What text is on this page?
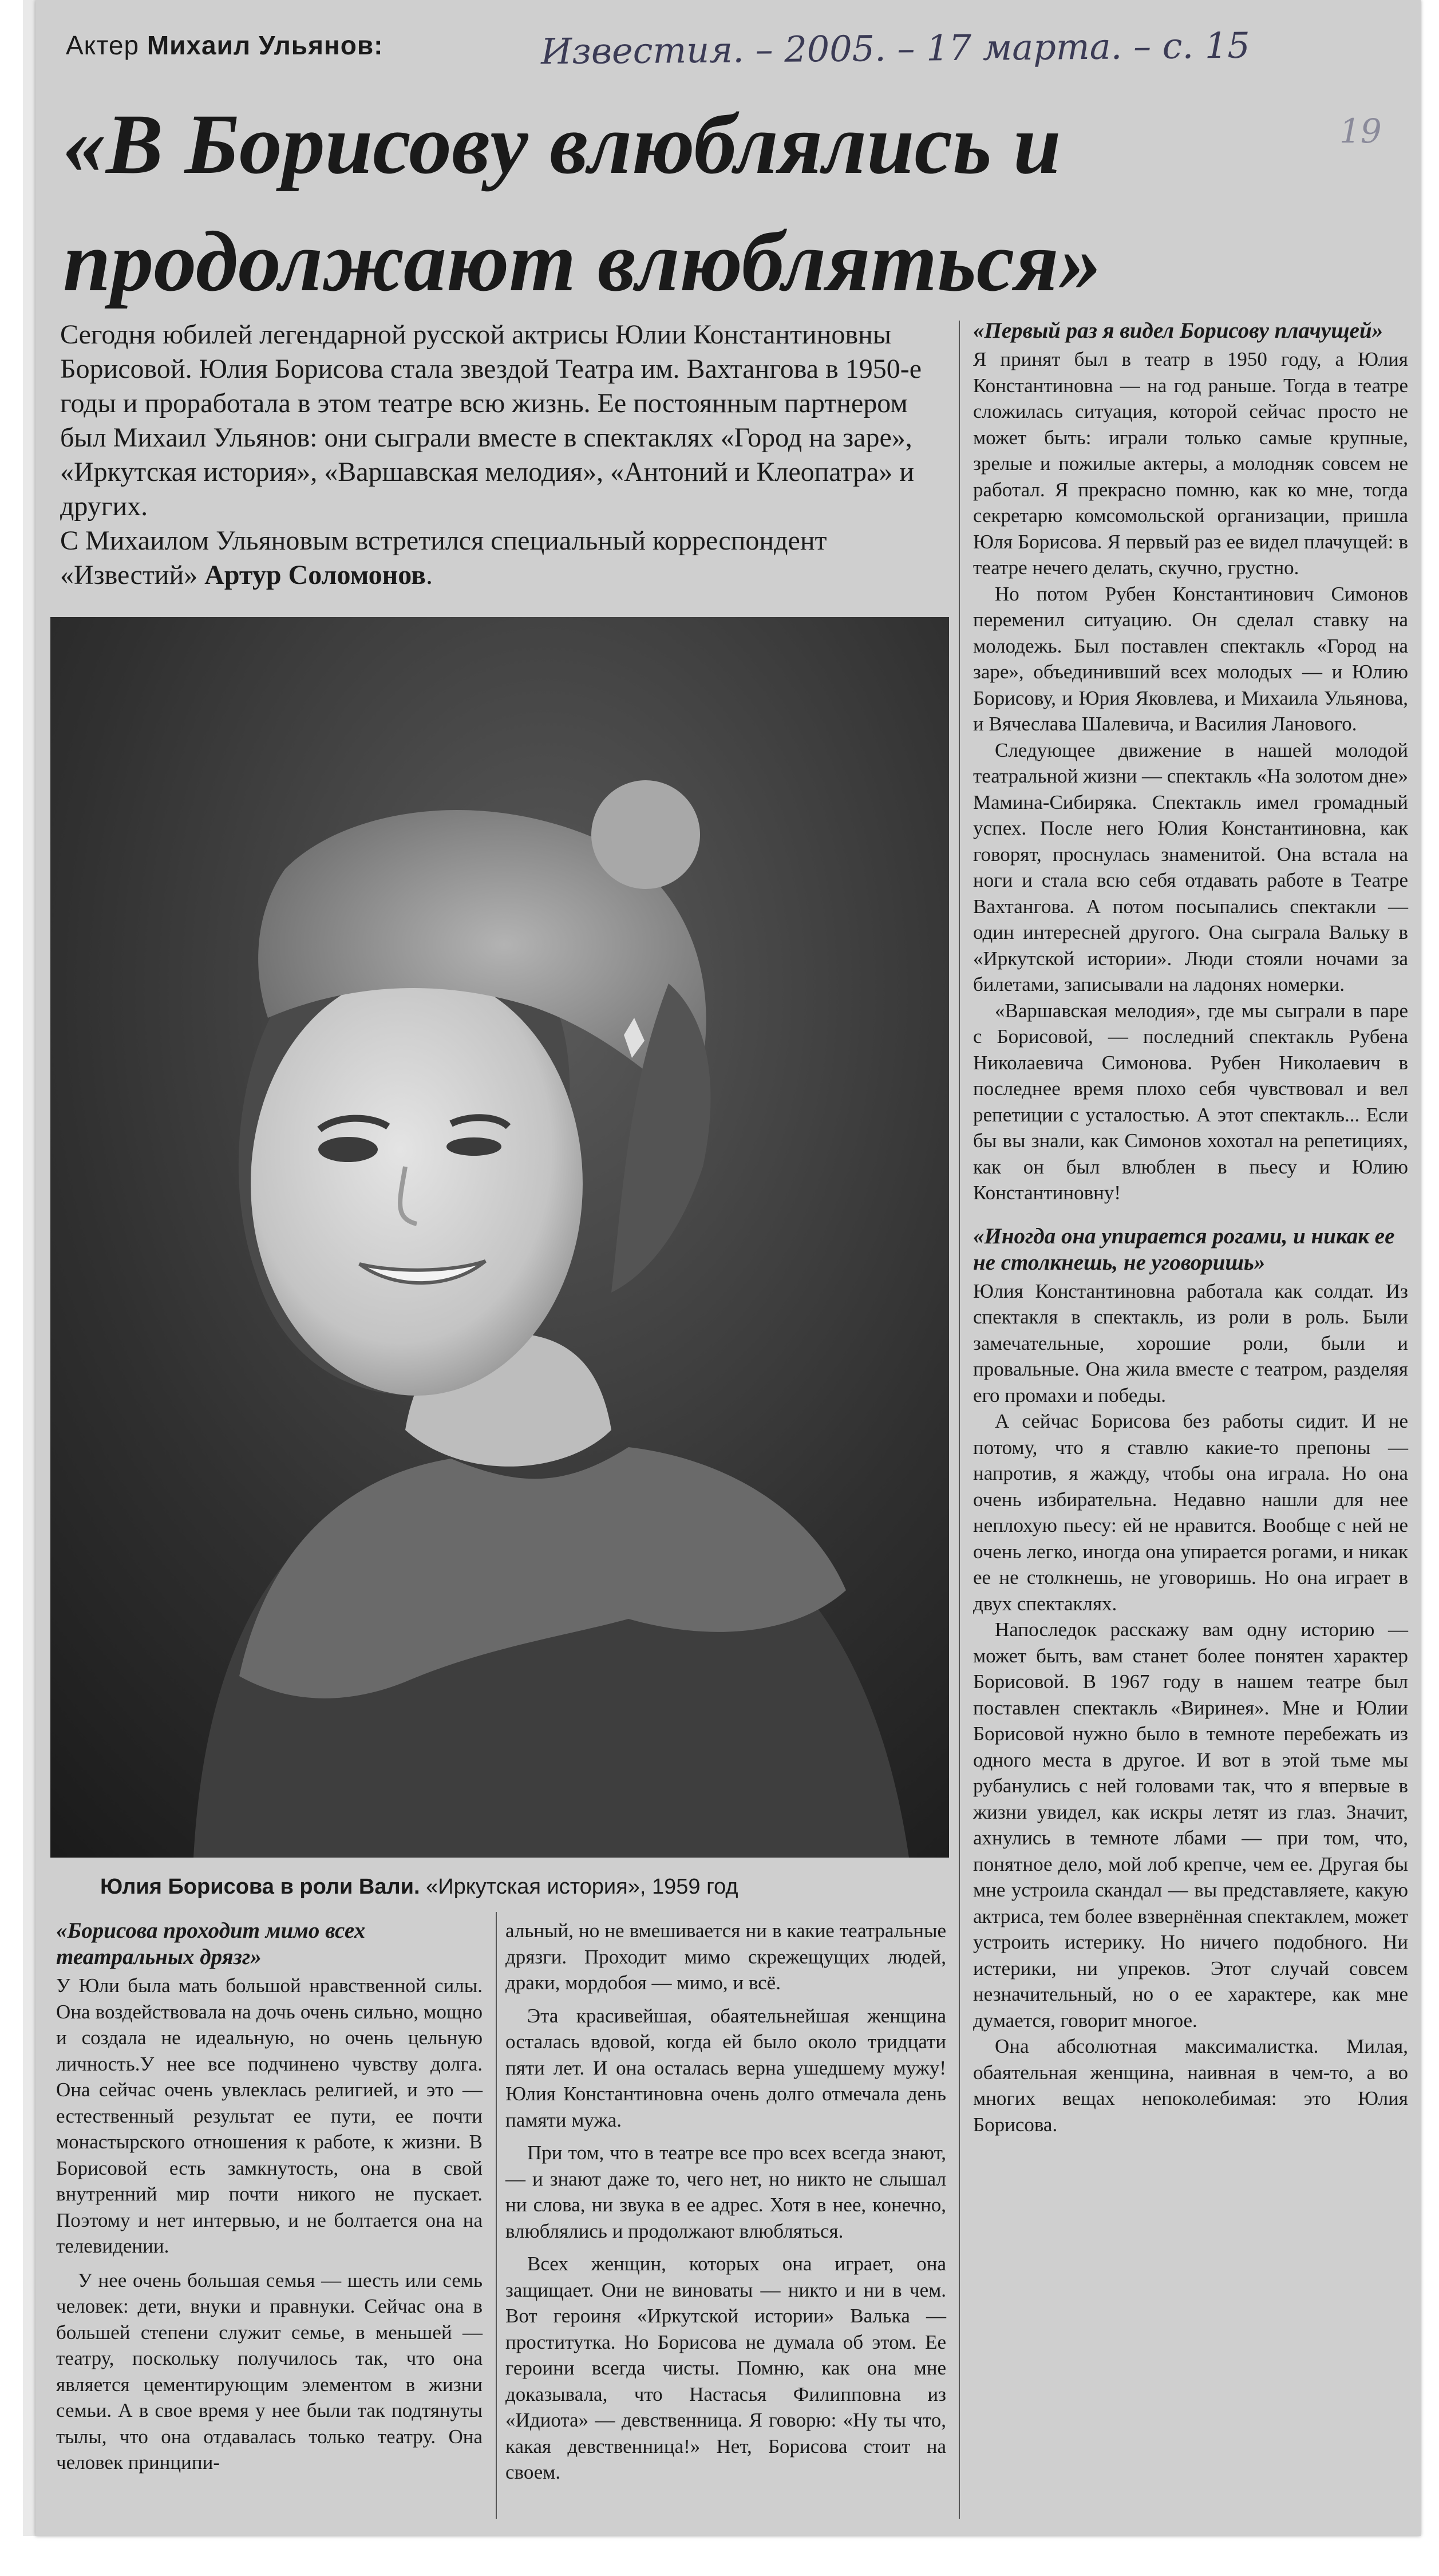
Актер Михаил Ульянов:	Известия. – 2005. – 17 марта. – с. 15
19
«В Борисову влюблялись и продолжают влюбляться»

Сегодня юбилей легендарной русской актрисы Юлии Константиновны Борисовой. Юлия Борисова стала звездой Театра им. Вахтангова в 1950-е годы и проработала в этом театре всю жизнь. Ее постоянным партнером был Михаил Ульянов: они сыграли вместе в спектаклях «Город на заре», «Иркутская история», «Варшавская мелодия», «Антоний и Клеопатра» и других.

С Михаилом Ульяновым встретился специальный корреспондент «Известий» Артур Соломонов.

Юлия Борисова в роли Вали. «Иркутская история», 1959 год
«Борисова проходит мимо всех театральных дрязг»

У Юли была мать большой нравственной силы. Она воздействовала на дочь очень сильно, мощно и создала не идеальную, но очень цельную личность.У нее все подчинено чувству долга. Она сейчас очень увлеклась религией, и это — естественный результат ее пути, ее почти монастырского отношения к работе, к жизни. В Борисовой есть замкнутость, она в свой внутренний мир почти никого не пускает. Поэтому и нет интервью, и не болтается она на телевидении.

У нее очень большая семья — шесть или семь человек: дети, внуки и правнуки. Сейчас она в большей степени служит семье, в меньшей — театру, поскольку получилось так, что она является цементирующим элементом в жизни семьи. А в свое время у нее были так подтянуты тылы, что она отдавалась только театру. Она человек принципи-

альный, но не вмешивается ни в какие театральные дрязги. Проходит мимо скрежещущих людей, драки, мордобоя — мимо, и всё.

Эта красивейшая, обаятельнейшая женщина осталась вдовой, когда ей было около тридцати пяти лет. И она осталась верна ушедшему мужу! Юлия Константиновна очень долго отмечала день памяти мужа.

При том, что в театре все про всех всегда знают, — и знают даже то, чего нет, но никто не слышал ни слова, ни звука в ее адрес. Хотя в нее, конечно, влюблялись и продолжают влюбляться.

Всех женщин, которых она играет, она защищает. Они не виноваты — никто и ни в чем. Вот героиня «Иркутской истории» Валька — проститутка. Но Борисова не думала об этом. Ее героини всегда чисты. Помню, как она мне доказывала, что Настасья Филипповна из «Идиота» — девственница. Я говорю: «Ну ты что, какая девственница!» Нет, Борисова стоит на своем.

«Первый раз я видел Борисову плачущей»

Я принят был в театр в 1950 году, а Юлия Константиновна — на год раньше. Тогда в театре сложилась ситуация, которой сейчас просто не может быть: играли только самые крупные, зрелые и пожилые актеры, а молодняк совсем не работал. Я прекрасно помню, как ко мне, тогда секретарю комсомольской организации, пришла Юля Борисова. Я первый раз ее видел плачущей: в театре нечего делать, скучно, грустно.

Но потом Рубен Константинович Симонов переменил ситуацию. Он сделал ставку на молодежь. Был поставлен спектакль «Город на заре», объединивший всех молодых — и Юлию Борисову, и Юрия Яковлева, и Михаила Ульянова, и Вячеслава Шалевича, и Василия Ланового.

Следующее движение в нашей молодой театральной жизни — спектакль «На золотом дне» Мамина-Сибиряка. Спектакль имел громадный успех. После него Юлия Константиновна, как говорят, проснулась знаменитой. Она встала на ноги и стала всю себя отдавать работе в Театре Вахтангова. А потом посыпались спектакли — один интересней другого. Она сыграла Вальку в «Иркутской истории». Люди стояли ночами за билетами, записывали на ладонях номерки.

«Варшавская мелодия», где мы сыграли в паре с Борисовой, — последний спектакль Рубена Николаевича Симонова. Рубен Николаевич в последнее время плохо себя чувствовал и вел репетиции с усталостью. А этот спектакль... Если бы вы знали, как Симонов хохотал на репетициях, как он был влюблен в пьесу и Юлию Константиновну!

«Иногда она упирается рогами, и никак ее не столкнешь, не уговоришь»

Юлия Константиновна работала как солдат. Из спектакля в спектакль, из роли в роль. Были замечательные, хорошие роли, были и провальные. Она жила вместе с театром, разделяя его промахи и победы.

А сейчас Борисова без работы сидит. И не потому, что я ставлю какие-то препоны — напротив, я жажду, чтобы она играла. Но она очень избирательна. Недавно нашли для нее неплохую пьесу: ей не нравится. Вообще с ней не очень легко, иногда она упирается рогами, и никак ее не столкнешь, не уговоришь. Но она играет в двух спектаклях.

Напоследок расскажу вам одну историю — может быть, вам станет более понятен характер Борисовой. В 1967 году в нашем театре был поставлен спектакль «Виринея». Мне и Юлии Борисовой нужно было в темноте перебежать из одного места в другое. И вот в этой тьме мы рубанулись с ней головами так, что я впервые в жизни увидел, как искры летят из глаз. Значит, ахнулись в темноте лбами — при том, что, понятное дело, мой лоб крепче, чем ее. Другая бы мне устроила скандал — вы представляете, какую актриса, тем более взвернённая спектаклем, может устроить истерику. Но ничего подобного. Ни истерики, ни упреков. Этот случай совсем незначительный, но о ее характере, как мне думается, говорит многое.

Она абсолютная максималистка. Милая, обаятельная женщина, наивная в чем-то, а во многих вещах непоколебимая: это Юлия Борисова.
